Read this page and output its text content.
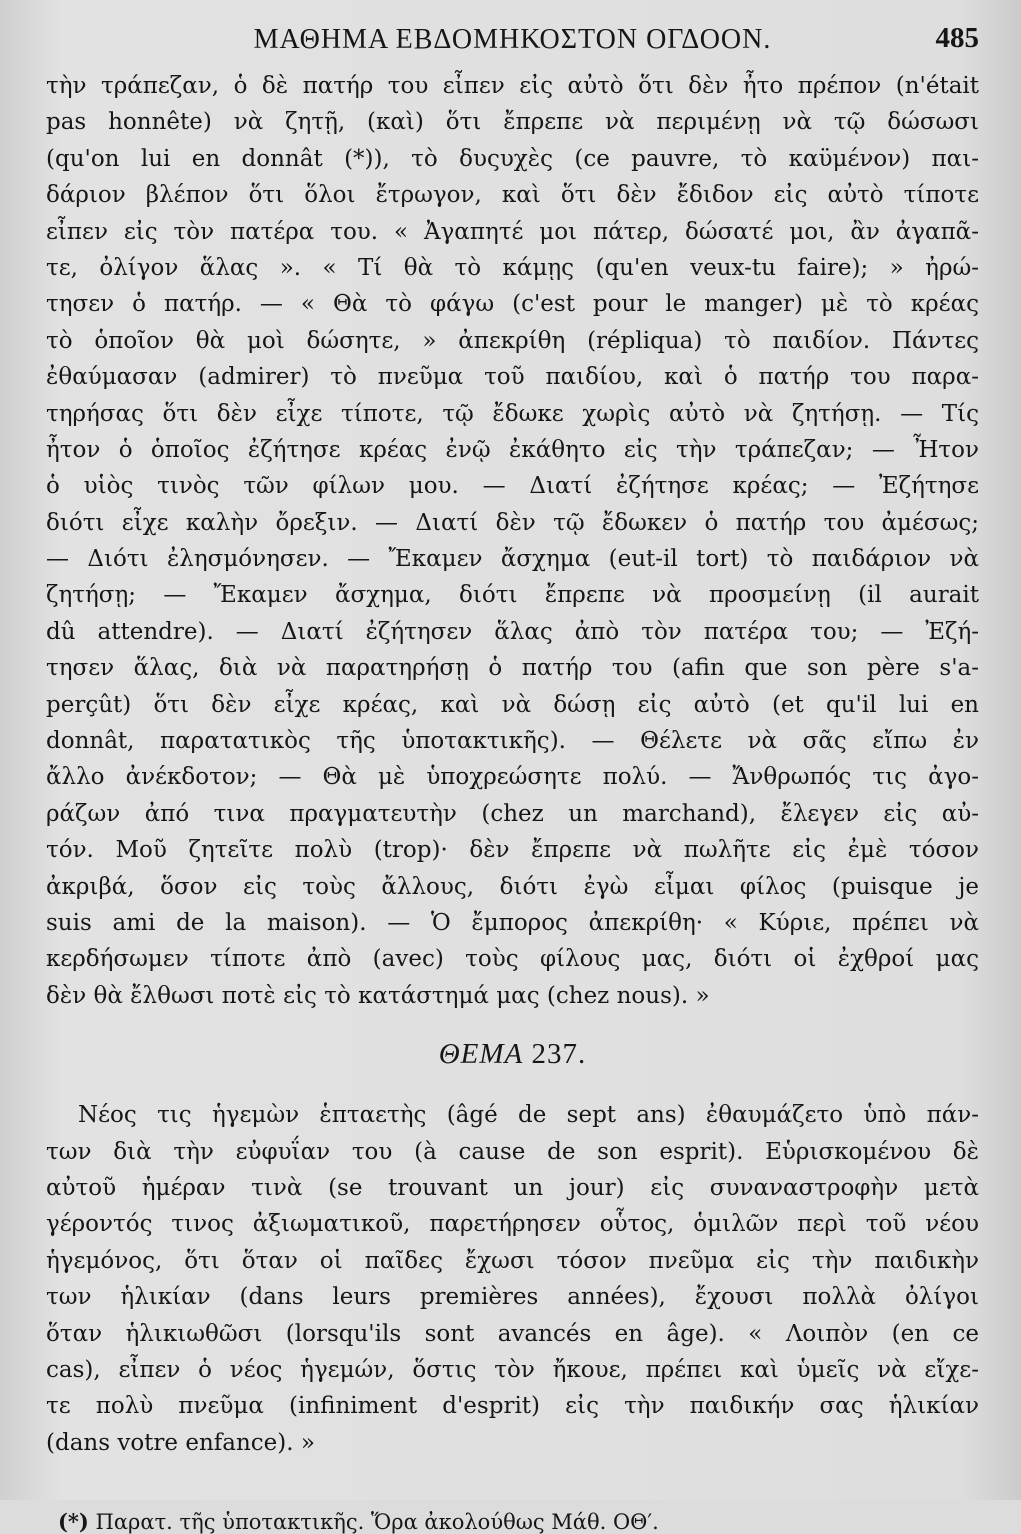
ΜΑΘΗΜΑ ΕΒΔΟΜΗΚΟΣΤΟΝ ΟΓΔΟΟΝ.	485
τὴν τράπεζαν, ὁ δὲ πατήρ του εἶπεν εἰς αὐτὸ ὅτι δὲν ἦτο πρέπον (n'était
pas honnête) νὰ ζητῇ, (καὶ) ὅτι ἔπρεπε νὰ περιμένῃ νὰ τῷ δώσωσι
(qu'on lui en donnât (*)), τὸ δυςυχὲς (ce pauvre, τὸ καϋμένον) παι-
δάριον βλέπον ὅτι ὅλοι ἔτρωγον, καὶ ὅτι δὲν ἔδιδον εἰς αὐτὸ τίποτε
εἶπεν εἰς τὸν πατέρα του. « Ἀγαπητέ μοι πάτερ, δώσατέ μοι, ἂν ἀγαπᾶ-
τε, ὀλίγον ἅλας ». « Τί θὰ τὸ κάμῃς (qu'en veux-tu faire); » ἠρώ-
τησεν ὁ πατήρ. — « Θὰ τὸ φάγω (c'est pour le manger) μὲ τὸ κρέας
τὸ ὁποῖον θὰ μοὶ δώσητε, » ἀπεκρίθη (répliqua) τὸ παιδίον. Πάντες
ἐθαύμασαν (admirer) τὸ πνεῦμα τοῦ παιδίου, καὶ ὁ πατήρ του παρα-
τηρήσας ὅτι δὲν εἶχε τίποτε, τῷ ἔδωκε χωρὶς αὐτὸ νὰ ζητήσῃ. — Τίς
ἦτον ὁ ὁποῖος ἐζήτησε κρέας ἐνῷ ἐκάθητο εἰς τὴν τράπεζαν; — Ἦτον
ὁ υἱὸς τινὸς τῶν φίλων μου. — Διατί ἐζήτησε κρέας; — Ἐζήτησε
διότι εἶχε καλὴν ὄρεξιν. — Διατί δὲν τῷ ἔδωκεν ὁ πατήρ του ἀμέσως;
— Διότι ἐλησμόνησεν. — Ἔκαμεν ἄσχημα (eut-il tort) τὸ παιδάριον νὰ
ζητήσῃ; — Ἔκαμεν ἄσχημα, διότι ἔπρεπε νὰ προσμείνῃ (il aurait
dû attendre). — Διατί ἐζήτησεν ἅλας ἀπὸ τὸν πατέρα του; — Ἐζή-
τησεν ἅλας, διὰ νὰ παρατηρήσῃ ὁ πατήρ του (afin que son père s'a-
perçût) ὅτι δὲν εἶχε κρέας, καὶ νὰ δώσῃ εἰς αὐτὸ (et qu'il lui en
donnât, παρατατικὸς τῆς ὑποτακτικῆς). — Θέλετε νὰ σᾶς εἴπω ἐν
ἄλλο ἀνέκδοτον; — Θὰ μὲ ὑποχρεώσητε πολύ. — Ἄνθρωπός τις ἀγο-
ράζων ἀπό τινα πραγματευτὴν (chez un marchand), ἔλεγεν εἰς αὐ-
τόν. Μοῦ ζητεῖτε πολὺ (trop)· δὲν ἔπρεπε νὰ πωλῆτε εἰς ἐμὲ τόσον
ἀκριβά, ὅσον εἰς τοὺς ἄλλους, διότι ἐγὼ εἶμαι φίλος (puisque je
suis ami de la maison). — Ὁ ἔμπορος ἀπεκρίθη· « Κύριε, πρέπει νὰ
κερδήσωμεν τίποτε ἀπὸ (avec) τοὺς φίλους μας, διότι οἱ ἐχθροί μας
δὲν θὰ ἔλθωσι ποτὲ εἰς τὸ κατάστημά μας (chez nous). »
ΘΕΜΑ 237.
Νέος τις ἡγεμὼν ἑπταετὴς (âgé de sept ans) ἐθαυμάζετο ὑπὸ πάν-
των διὰ τὴν εὐφυΐαν του (à cause de son esprit). Εὑρισκομένου δὲ
αὐτοῦ ἡμέραν τινὰ (se trouvant un jour) εἰς συναναστροφὴν μετὰ
γέροντός τινος ἀξιωματικοῦ, παρετήρησεν οὗτος, ὁμιλῶν περὶ τοῦ νέου
ἡγεμόνος, ὅτι ὅταν οἱ παῖδες ἔχωσι τόσον πνεῦμα εἰς τὴν παιδικὴν
των ἡλικίαν (dans leurs premières années), ἔχουσι πολλὰ ὀλίγοι
ὅταν ἡλικιωθῶσι (lorsqu'ils sont avancés en âge). « Λοιπὸν (en ce
cas), εἶπεν ὁ νέος ἡγεμών, ὅστις τὸν ἤκουε, πρέπει καὶ ὑμεῖς νὰ εἴχε-
τε πολὺ πνεῦμα (infiniment d'esprit) εἰς τὴν παιδικήν σας ἡλικίαν
(dans votre enfance). »
(*) Παρατ. τῆς ὑποτακτικῆς. Ὅρα ἀκολούθως Μάθ. ΟΘ′.
